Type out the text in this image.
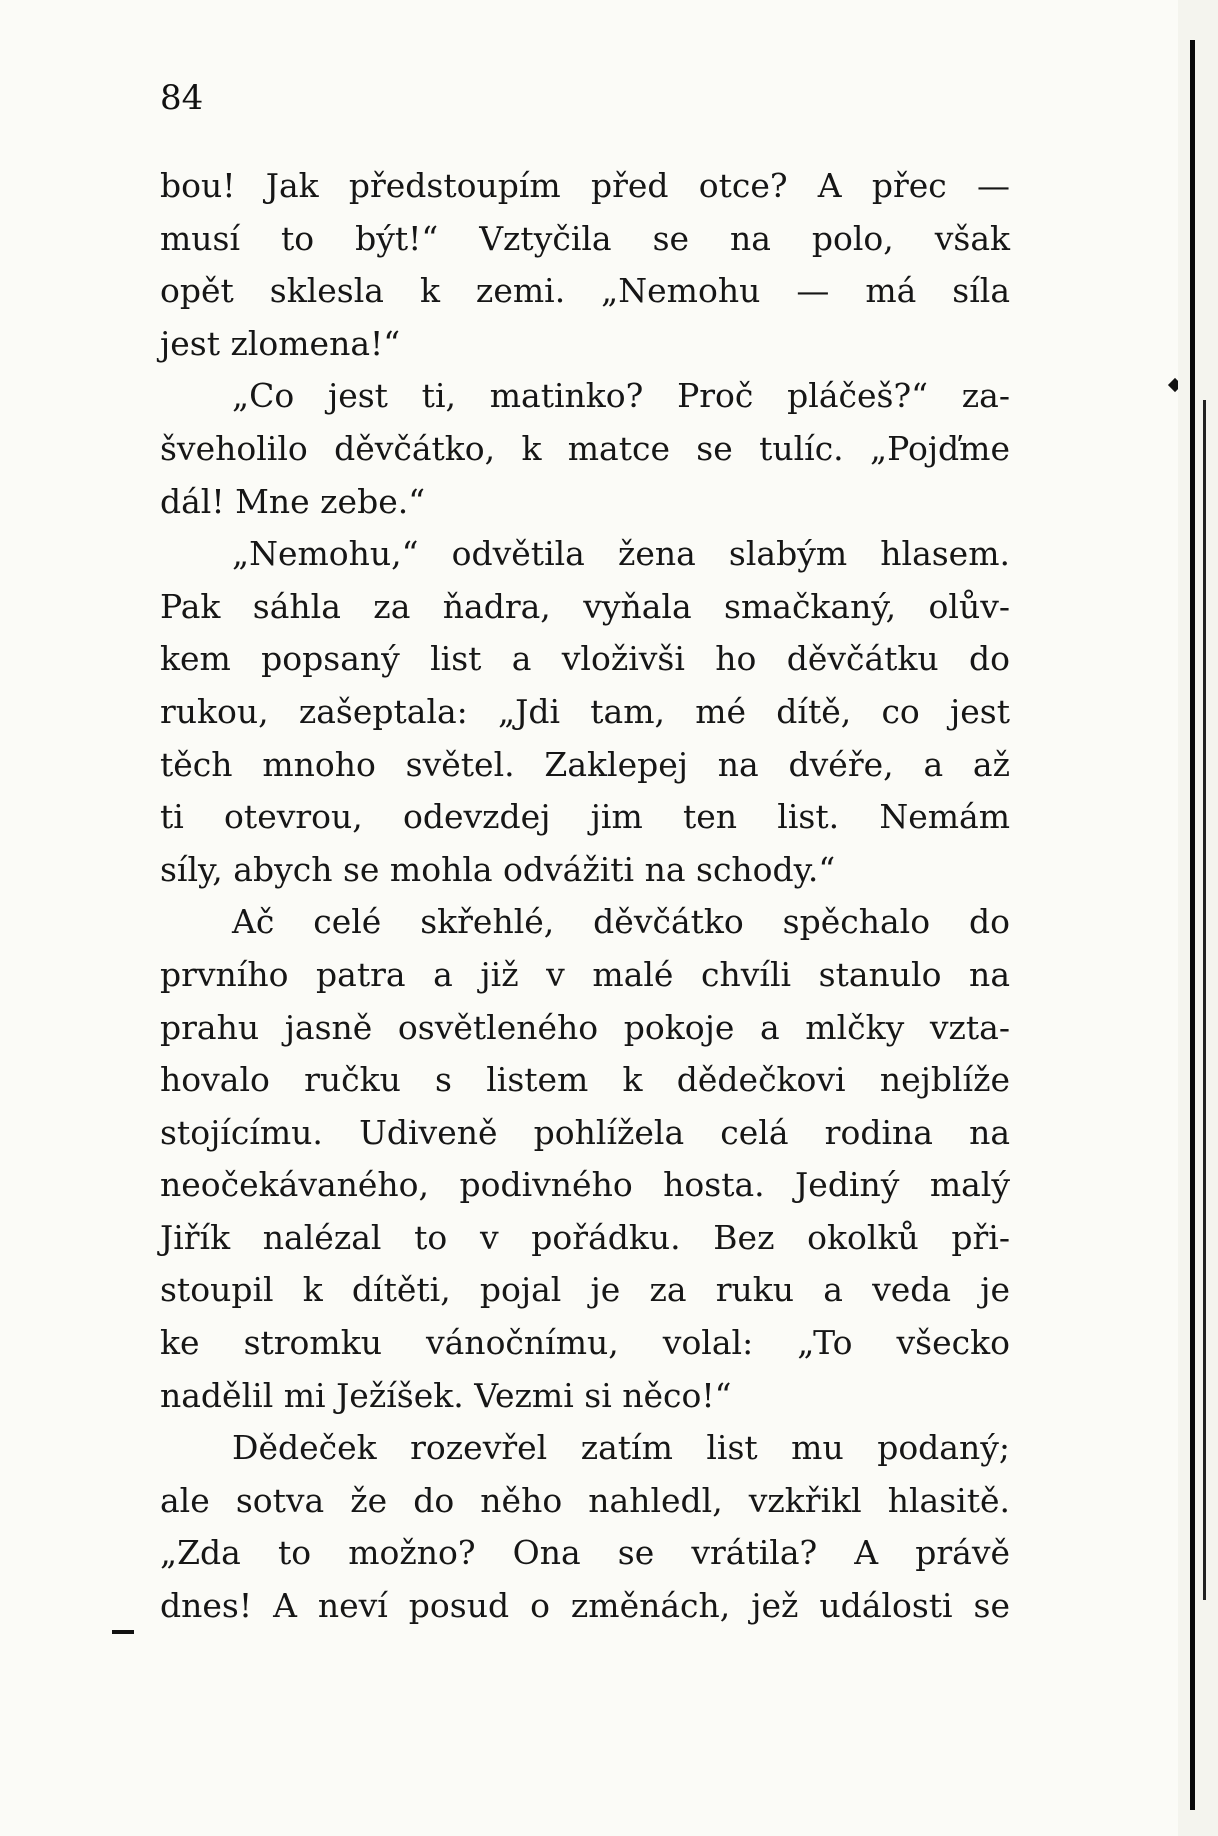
84
bou! Jak předstoupím před otce? A přec —
musí to být!“ Vztyčila se na polo, však
opět sklesla k zemi. „Nemohu — má síla
jest zlomena!“
„Co jest ti, matinko? Proč pláčeš?“ za-
šveholilo děvčátko, k matce se tulíc. „Pojďme
dál! Mne zebe.“
„Nemohu,“ odvětila žena slabým hlasem.
Pak sáhla za ňadra, vyňala smačkaný, olův-
kem popsaný list a vloživši ho děvčátku do
rukou, zašeptala: „Jdi tam, mé dítě, co jest
těch mnoho světel. Zaklepej na dvéře, a až
ti otevrou, odevzdej jim ten list. Nemám
síly, abych se mohla odvážiti na schody.“
Ač celé skřehlé, děvčátko spěchalo do
prvního patra a již v malé chvíli stanulo na
prahu jasně osvětleného pokoje a mlčky vzta-
hovalo ručku s listem k dědečkovi nejblíže
stojícímu. Udiveně pohlížela celá rodina na
neočekávaného, podivného hosta. Jediný malý
Jiřík nalézal to v pořádku. Bez okolků při-
stoupil k dítěti, pojal je za ruku a veda je
ke stromku vánočnímu, volal: „To všecko
nadělil mi Ježíšek. Vezmi si něco!“
Dědeček rozevřel zatím list mu podaný;
ale sotva že do něho nahledl, vzkřikl hlasitě.
„Zda to možno? Ona se vrátila? A právě
dnes! A neví posud o změnách, jež události se
